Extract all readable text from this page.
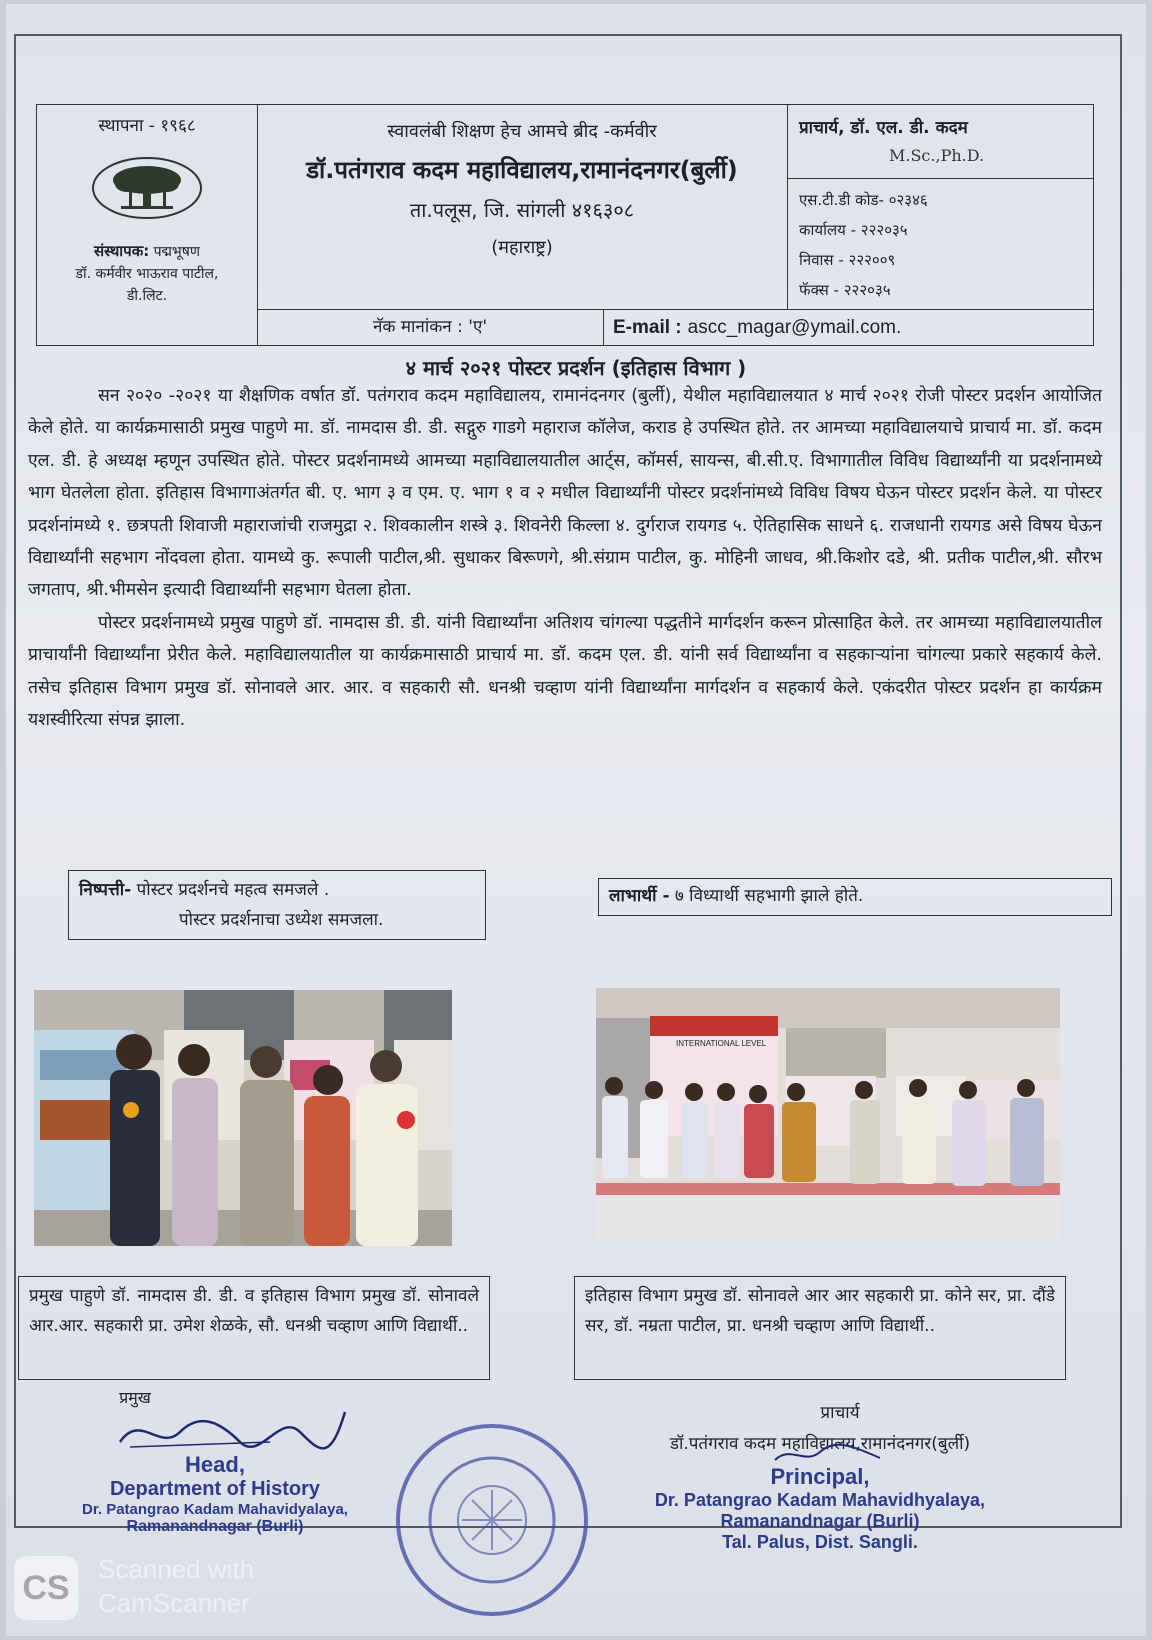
स्थापना - १९६८
संस्थापक: पद्मभूषण
डॉ. कर्मवीर भाऊराव पाटील,
डी.लिट.
स्वावलंबी शिक्षण हेच आमचे ब्रीद -कर्मवीर
डॉ.पतंगराव कदम महाविद्यालय,रामानंदनगर(बुर्ली)
ता.पलूस, जि. सांगली ४१६३०८
(महाराष्ट्र)
प्राचार्य, डॉ. एल. डी. कदम
M.Sc.,Ph.D.
एस.टी.डी कोड- ०२३४६
कार्यालय - २२२०३५
निवास - २२२००९
फॅक्स - २२२०३५
नॅक मानांकन : 'ए'	E-mail : ascc_magar@ymail.com.
४ मार्च २०२१ पोस्टर प्रदर्शन (इतिहास विभाग )

सन २०२० -२०२१ या शैक्षणिक वर्षात डॉ. पतंगराव कदम महाविद्यालय, रामानंदनगर (बुर्ली), येथील महाविद्यालयात ४ मार्च २०२१ रोजी पोस्टर प्रदर्शन आयोजित केले होते. या कार्यक्रमासाठी प्रमुख पाहुणे मा. डॉ. नामदास डी. डी. सद्गुरु गाडगे महाराज कॉलेज, कराड हे उपस्थित होते. तर आमच्या महाविद्यालयाचे प्राचार्य मा. डॉ. कदम एल. डी. हे अध्यक्ष म्हणून उपस्थित होते. पोस्टर प्रदर्शनामध्ये आमच्या महाविद्यालयातील आर्ट्स, कॉमर्स, सायन्स, बी.सी.ए. विभागातील विविध विद्यार्थ्यांनी या प्रदर्शनामध्ये भाग घेतलेला होता. इतिहास विभागाअंतर्गत बी. ए. भाग ३ व एम. ए. भाग १ व २ मधील विद्यार्थ्यांनी पोस्टर प्रदर्शनांमध्ये विविध विषय घेऊन पोस्टर प्रदर्शन केले. या पोस्टर प्रदर्शनांमध्ये १. छत्रपती शिवाजी महाराजांची राजमुद्रा २. शिवकालीन शस्त्रे ३. शिवनेरी किल्ला ४. दुर्गराज रायगड ५. ऐतिहासिक साधने ६. राजधानी रायगड असे विषय घेऊन विद्यार्थ्यांनी सहभाग नोंदवला होता. यामध्ये कु. रूपाली पाटील,श्री. सुधाकर बिरूणगे, श्री.संग्राम पाटील, कु. मोहिनी जाधव, श्री.किशोर दडे, श्री. प्रतीक पाटील,श्री. सौरभ जगताप, श्री.भीमसेन इत्यादी विद्यार्थ्यांनी सहभाग घेतला होता.

पोस्टर प्रदर्शनामध्ये प्रमुख पाहुणे डॉ. नामदास डी. डी. यांनी विद्यार्थ्यांना अतिशय चांगल्या पद्धतीने मार्गदर्शन करून प्रोत्साहित केले. तर आमच्या महाविद्यालयातील प्राचार्यांनी विद्यार्थ्यांना प्रेरीत केले. महाविद्यालयातील या कार्यक्रमासाठी प्राचार्य मा. डॉ. कदम एल. डी. यांनी सर्व विद्यार्थ्यांना व सहकाऱ्यांना चांगल्या प्रकारे सहकार्य केले. तसेच इतिहास विभाग प्रमुख डॉ. सोनावले आर. आर. व सहकारी सौ. धनश्री चव्हाण यांनी विद्यार्थ्यांना मार्गदर्शन व सहकार्य केले. एकंदरीत पोस्टर प्रदर्शन हा कार्यक्रम यशस्वीरित्या संपन्न झाला.

निष्पत्ती- पोस्टर प्रदर्शनचे महत्व समजले .
पोस्टर प्रदर्शनाचा उध्येश समजला.
लाभार्थी - ७ विध्यार्थी सहभागी झाले होते.
INTERNATIONAL LEVEL
प्रमुख पाहुणे डॉ. नामदास डी. डी. व इतिहास विभाग प्रमुख डॉ. सोनावले आर.आर. सहकारी प्रा. उमेश शेळके, सौ. धनश्री चव्हाण आणि विद्यार्थी..
इतिहास विभाग प्रमुख डॉ. सोनावले आर आर सहकारी प्रा. कोने सर, प्रा. दौंडे सर, डॉ. नम्रता पाटील, प्रा. धनश्री चव्हाण आणि विद्यार्थी..
प्रमुख
Head,
Department of History
Dr. Patangrao Kadam Mahavidyalaya,
Ramanandnagar (Burli)
प्राचार्य
डॉ.पतंगराव कदम महाविद्यालय,रामानंदनगर(बुर्ली)
Principal,
Dr. Patangrao Kadam Mahavidhyalaya,
Ramanandnagar (Burli)
Tal. Palus, Dist. Sangli.
CS	Scanned with
CamScanner
